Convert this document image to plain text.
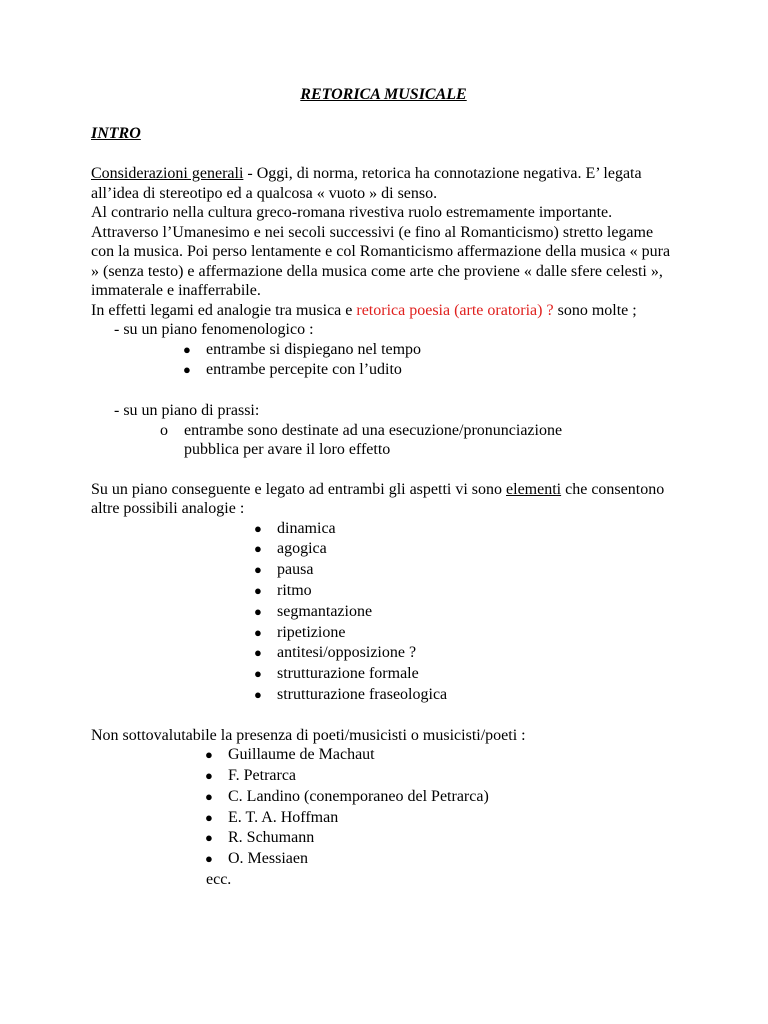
RETORICA MUSICALE
INTRO
Considerazioni generali - Oggi, di norma, retorica ha connotazione negativa. E’ legata all’idea di stereotipo ed a qualcosa « vuoto » di senso.
Al contrario nella cultura greco-romana rivestiva ruolo estremamente importante. Attraverso l’Umanesimo e nei secoli successivi (e fino al Romanticismo) stretto legame con la musica. Poi perso lentamente e col Romanticismo affermazione della musica « pura » (senza testo) e affermazione della musica come arte che proviene « dalle sfere celesti », immaterale e inafferrabile.
In effetti legami ed analogie tra musica e retorica poesia (arte oratoria) ? sono molte ;
- su un piano fenomenologico :
● entrambe si dispiegano nel tempo
● entrambe percepite con l’udito
- su un piano di prassi:
o entrambe sono destinate ad una esecuzione/pronunciazione
pubblica per avare il loro effetto
Su un piano conseguente e legato ad entrambi gli aspetti vi sono elementi che consentono altre possibili analogie :
● dinamica
● agogica
● pausa
● ritmo
● segmantazione
● ripetizione
● antitesi/opposizione ?
● strutturazione formale
● strutturazione fraseologica
Non sottovalutabile la presenza di poeti/musicisti o musicisti/poeti :
● Guillaume de Machaut
● F. Petrarca
● C. Landino (conemporaneo del Petrarca)
● E. T. A. Hoffman
● R. Schumann
● O. Messiaen
ecc.
